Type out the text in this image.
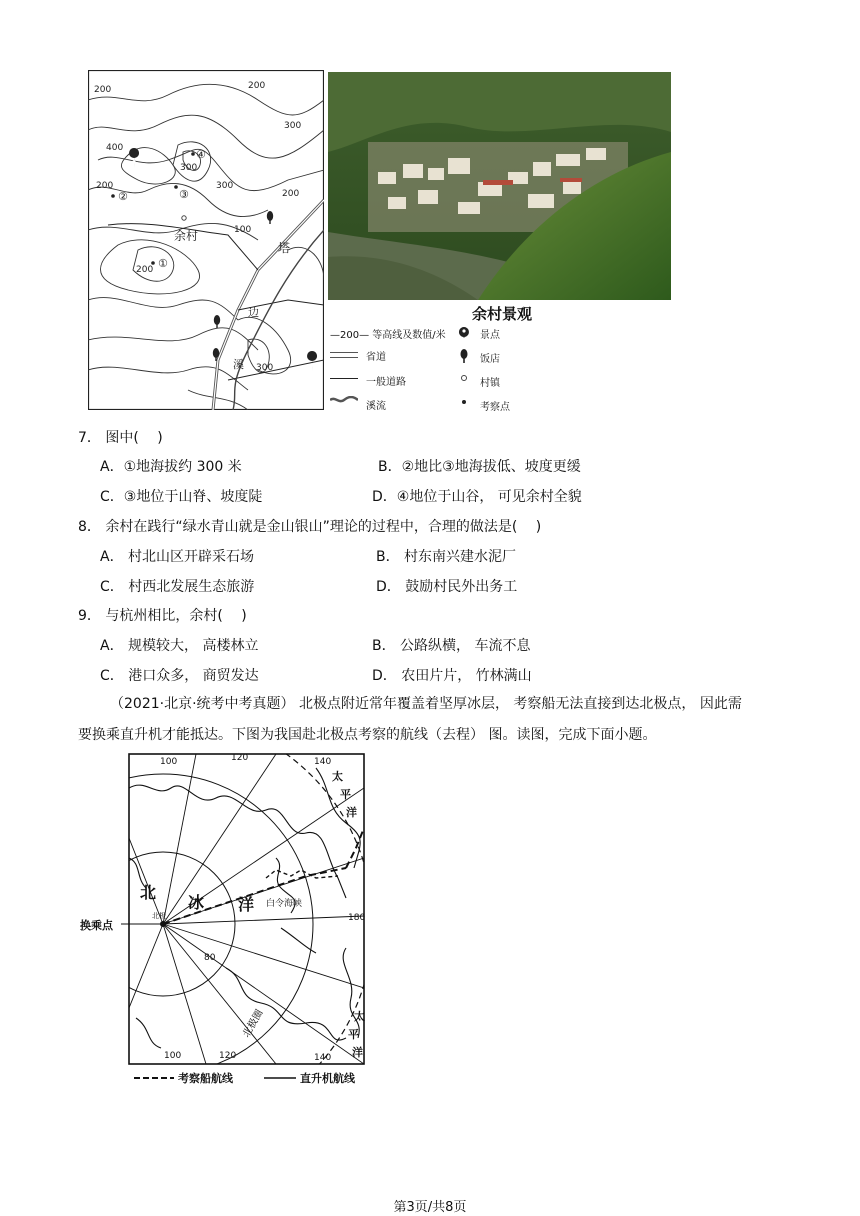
200
400
300
200
200
300
200
100
300
200
300
④
②	③
①
余村
塔
边
溪
余村景观
—200— 等高线及数值/米
省道
一般道路
溪流
景点
饭店
村镇
考察点
7． 图中(　 )
A．①地海拔约 300 米	B．②地比③地海拔低、坡度更缓
C．③地位于山脊、坡度陡	D．④地位于山谷， 可见余村全貌
8． 余村在践行“绿水青山就是金山银山”理论的过程中，合理的做法是(　 )
A． 村北山区开辟采石场	B． 村东南兴建水泥厂
C． 村西北发展生态旅游	D． 鼓励村民外出务工
9． 与杭州相比，余村(　 )
A． 规模较大， 高楼林立	B． 公路纵横， 车流不息
C． 港口众多， 商贸发达	D． 农田片片， 竹林满山
（2021·北京·统考中考真题） 北极点附近常年覆盖着坚厚冰层， 考察船无法直接到达北极点， 因此需
要换乘直升机才能抵达。下图为我国赴北极点考察的航线（去程） 图。读图，完成下面小题。
100	120	140
180
100	120	140
80
北极
北
冰 洋 白令海峡
北极圈
太
平
洋
太
平
洋
换乘点
考察船航线	直升机航线
第3页/共8页
